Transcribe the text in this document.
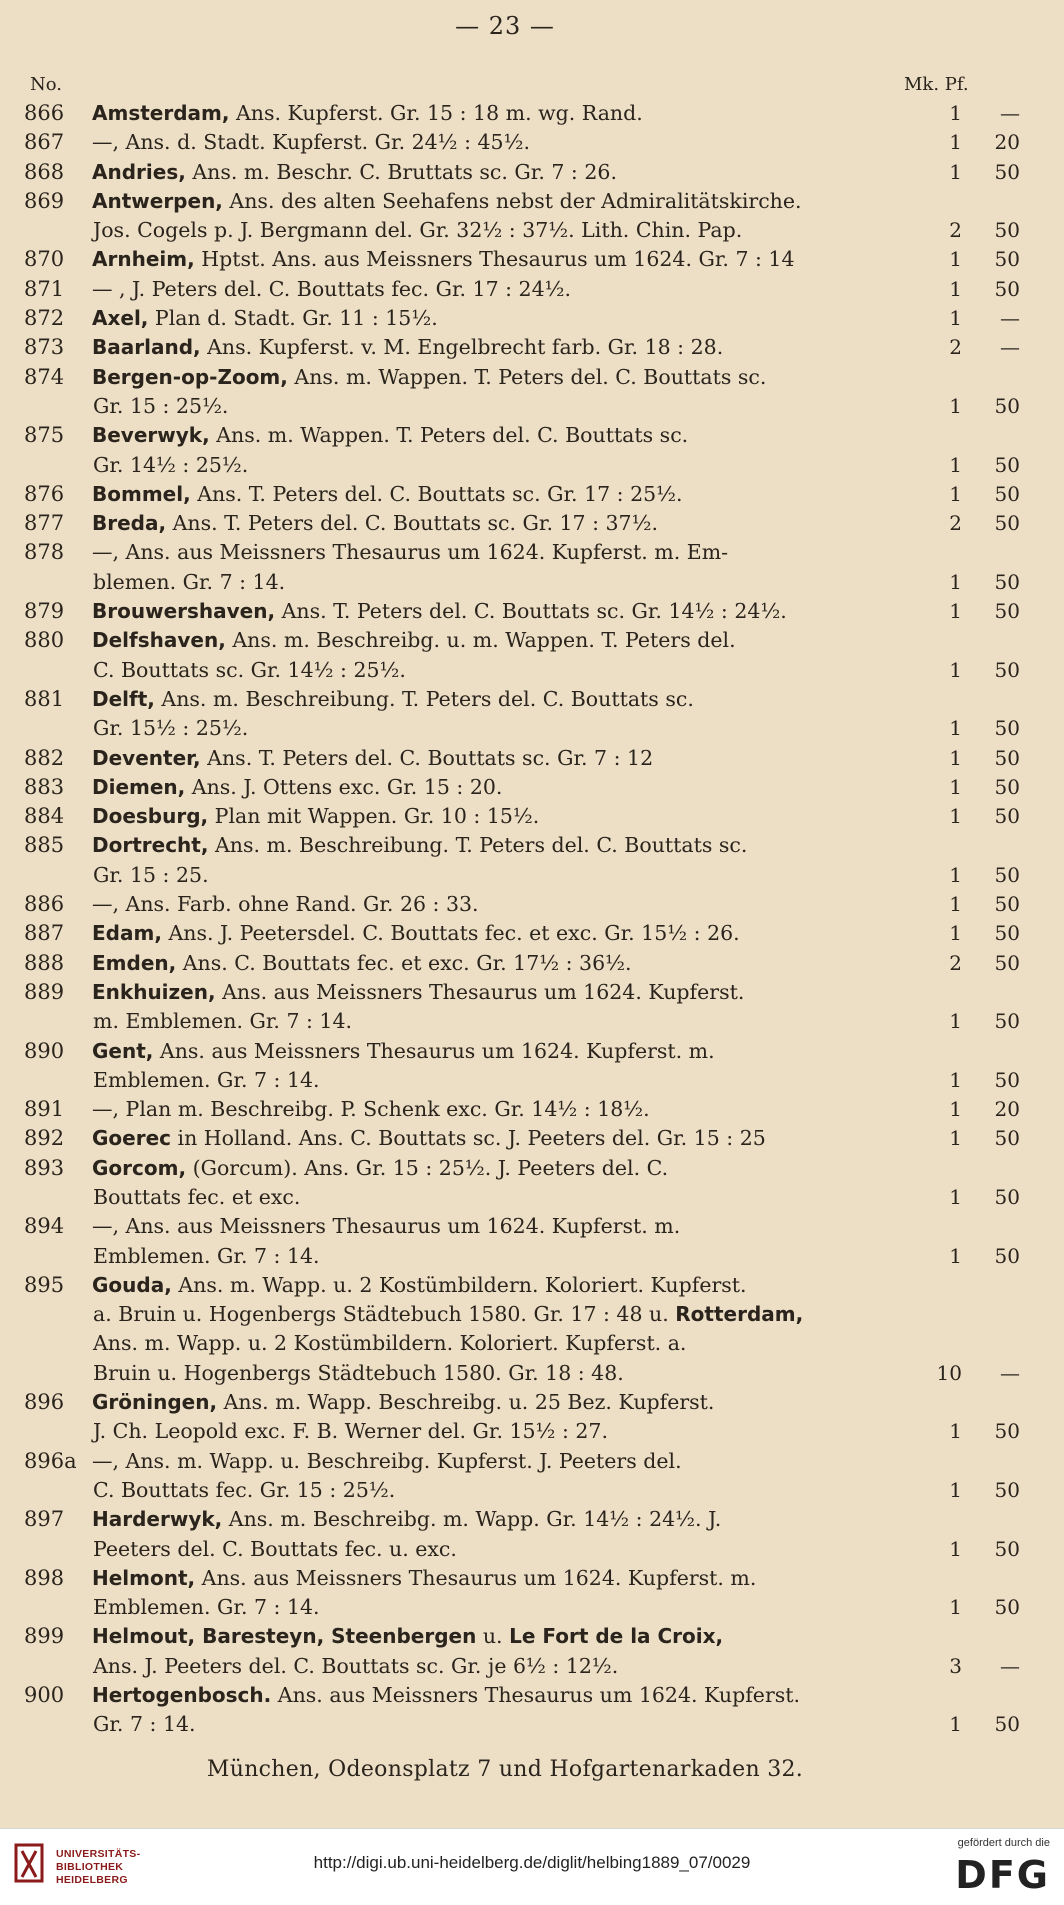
— 23 —
No.	Mk. Pf.
866 Amsterdam, Ans. Kupferst. Gr. 15 : 18 m. wg. Rand.	1 —
867 —, Ans. d. Stadt. Kupferst. Gr. 24½ : 45½.	1 20
868 Andries, Ans. m. Beschr. C. Bruttats sc. Gr. 7 : 26.	1 50
869 Antwerpen, Ans. des alten Seehafens nebst der Admiralitätskirche.
Jos. Cogels p. J. Bergmann del. Gr. 32½ : 37½. Lith. Chin. Pap.	2 50
870 Arnheim, Hptst. Ans. aus Meissners Thesaurus um 1624. Gr. 7 : 14	1 50
871 — , J. Peters del. C. Bouttats fec. Gr. 17 : 24½.	1 50
872 Axel, Plan d. Stadt. Gr. 11 : 15½.	1 —
873 Baarland, Ans. Kupferst. v. M. Engelbrecht farb. Gr. 18 : 28.	2 —
874 Bergen-op-Zoom, Ans. m. Wappen. T. Peters del. C. Bouttats sc.
Gr. 15 : 25½.	1 50
875 Beverwyk, Ans. m. Wappen. T. Peters del. C. Bouttats sc.
Gr. 14½ : 25½.	1 50
876 Bommel, Ans. T. Peters del. C. Bouttats sc. Gr. 17 : 25½.	1 50
877 Breda, Ans. T. Peters del. C. Bouttats sc. Gr. 17 : 37½.	2 50
878 —, Ans. aus Meissners Thesaurus um 1624. Kupferst. m. Em-
blemen. Gr. 7 : 14.	1 50
879 Brouwershaven, Ans. T. Peters del. C. Bouttats sc. Gr. 14½ : 24½.	1 50
880 Delfshaven, Ans. m. Beschreibg. u. m. Wappen. T. Peters del.
C. Bouttats sc. Gr. 14½ : 25½.	1 50
881 Delft, Ans. m. Beschreibung. T. Peters del. C. Bouttats sc.
Gr. 15½ : 25½.	1 50
882 Deventer, Ans. T. Peters del. C. Bouttats sc. Gr. 7 : 12	1 50
883 Diemen, Ans. J. Ottens exc. Gr. 15 : 20.	1 50
884 Doesburg, Plan mit Wappen. Gr. 10 : 15½.	1 50
885 Dortrecht, Ans. m. Beschreibung. T. Peters del. C. Bouttats sc.
Gr. 15 : 25.	1 50
886 —, Ans. Farb. ohne Rand. Gr. 26 : 33.	1 50
887 Edam, Ans. J. Peetersdel. C. Bouttats fec. et exc. Gr. 15½ : 26.	1 50
888 Emden, Ans. C. Bouttats fec. et exc. Gr. 17½ : 36½.	2 50
889 Enkhuizen, Ans. aus Meissners Thesaurus um 1624. Kupferst.
m. Emblemen. Gr. 7 : 14.	1 50
890 Gent, Ans. aus Meissners Thesaurus um 1624. Kupferst. m.
Emblemen. Gr. 7 : 14.	1 50
891 —, Plan m. Beschreibg. P. Schenk exc. Gr. 14½ : 18½.	1 20
892 Goerec in Holland. Ans. C. Bouttats sc. J. Peeters del. Gr. 15 : 25	1 50
893 Gorcom, (Gorcum). Ans. Gr. 15 : 25½. J. Peeters del. C.
Bouttats fec. et exc.	1 50
894 —, Ans. aus Meissners Thesaurus um 1624. Kupferst. m.
Emblemen. Gr. 7 : 14.	1 50
895 Gouda, Ans. m. Wapp. u. 2 Kostümbildern. Koloriert. Kupferst.
a. Bruin u. Hogenbergs Städtebuch 1580. Gr. 17 : 48 u. Rotterdam,
Ans. m. Wapp. u. 2 Kostümbildern. Koloriert. Kupferst. a.
Bruin u. Hogenbergs Städtebuch 1580. Gr. 18 : 48.	10 —
896 Gröningen, Ans. m. Wapp. Beschreibg. u. 25 Bez. Kupferst.
J. Ch. Leopold exc. F. B. Werner del. Gr. 15½ : 27.	1 50
896a —, Ans. m. Wapp. u. Beschreibg. Kupferst. J. Peeters del.
C. Bouttats fec. Gr. 15 : 25½.	1 50
897 Harderwyk, Ans. m. Beschreibg. m. Wapp. Gr. 14½ : 24½. J.
Peeters del. C. Bouttats fec. u. exc.	1 50
898 Helmont, Ans. aus Meissners Thesaurus um 1624. Kupferst. m.
Emblemen. Gr. 7 : 14.	1 50
899 Helmout, Baresteyn, Steenbergen u. Le Fort de la Croix,
Ans. J. Peeters del. C. Bouttats sc. Gr. je 6½ : 12½.	3 —
900 Hertogenbosch. Ans. aus Meissners Thesaurus um 1624. Kupferst.
Gr. 7 : 14.	1 50
München, Odeonsplatz 7 und Hofgartenarkaden 32.
UNIVERSITÄTS-
BIBLIOTHEK
HEIDELBERG
http://digi.ub.uni-heidelberg.de/diglit/helbing1889_07/0029
gefördert durch die
DFG
